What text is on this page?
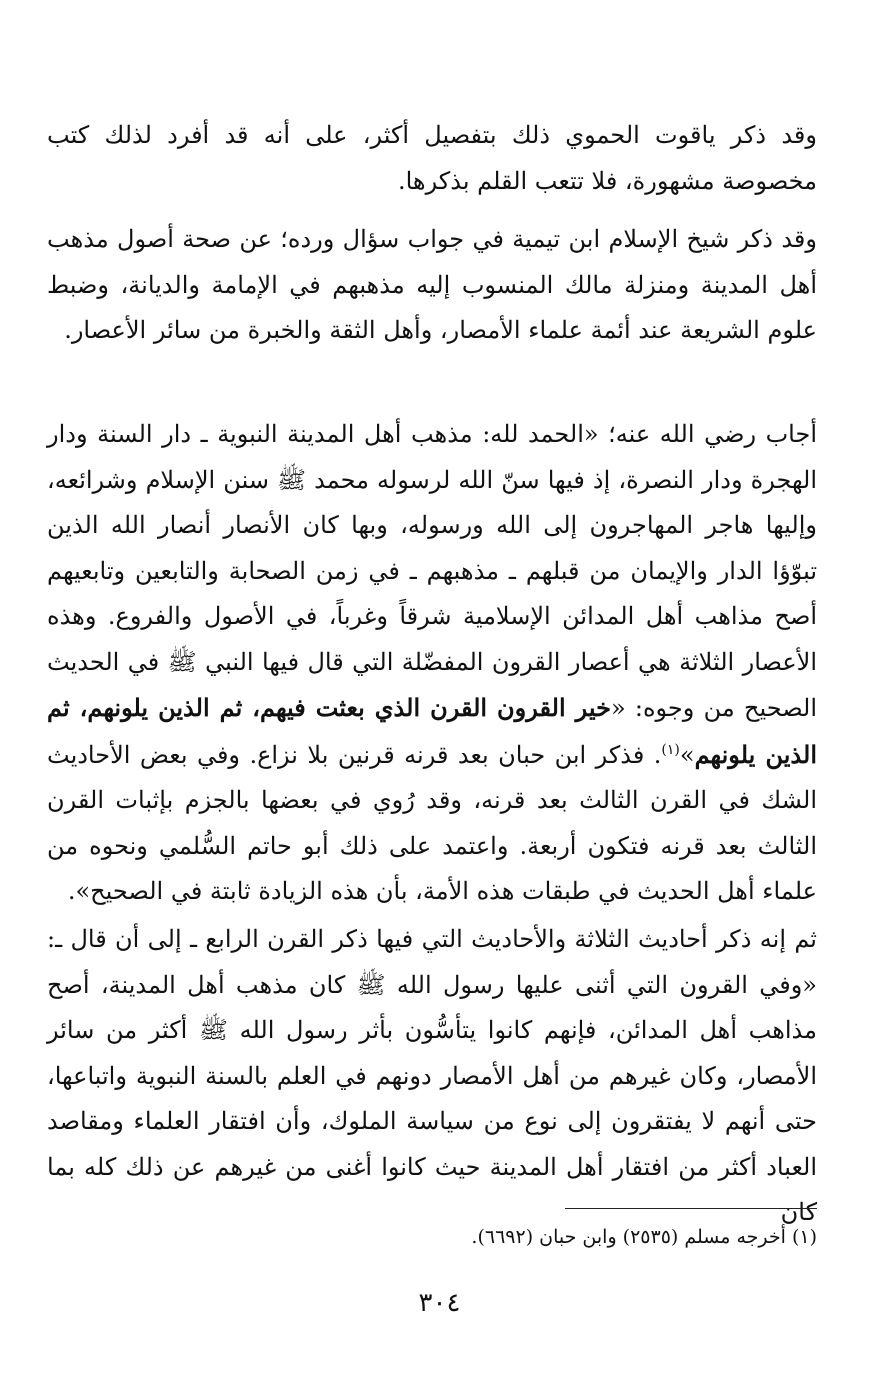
وقد ذكر ياقوت الحموي ذلك بتفصيل أكثر، على أنه قد أفرد لذلك كتب مخصوصة مشهورة، فلا تتعب القلم بذكرها.

وقد ذكر شيخ الإسلام ابن تيمية في جواب سؤال ورده؛ عن صحة أصول مذهب أهل المدينة ومنزلة مالك المنسوب إليه مذهبهم في الإمامة والديانة، وضبط علوم الشريعة عند أئمة علماء الأمصار، وأهل الثقة والخبرة من سائر الأعصار.

أجاب رضي الله عنه؛ «الحمد لله: مذهب أهل المدينة النبوية ـ دار السنة ودار الهجرة ودار النصرة، إذ فيها سنّ الله لرسوله محمد ﷺ سنن الإسلام وشرائعه، وإليها هاجر المهاجرون إلى الله ورسوله، وبها كان الأنصار أنصار الله الذين تبوّؤا الدار والإيمان من قبلهم ـ مذهبهم ـ في زمن الصحابة والتابعين وتابعيهم أصح مذاهب أهل المدائن الإسلامية شرقاً وغرباً، في الأصول والفروع. وهذه الأعصار الثلاثة هي أعصار القرون المفضّلة التي قال فيها النبي ﷺ في الحديث الصحيح من وجوه: «خير القرون القرن الذي بعثت فيهم، ثم الذين يلونهم، ثم الذين يلونهم»$^{(١)}$. فذكر ابن حبان بعد قرنه قرنين بلا نزاع. وفي بعض الأحاديث الشك في القرن الثالث بعد قرنه، وقد رُوي في بعضها بالجزم بإثبات القرن الثالث بعد قرنه فتكون أربعة. واعتمد على ذلك أبو حاتم السُّلمي ونحوه من علماء أهل الحديث في طبقات هذه الأمة، بأن هذه الزيادة ثابتة في الصحيح».

ثم إنه ذكر أحاديث الثلاثة والأحاديث التي فيها ذكر القرن الرابع ـ إلى أن قال ـ: «وفي القرون التي أثنى عليها رسول الله ﷺ كان مذهب أهل المدينة، أصح مذاهب أهل المدائن، فإنهم كانوا يتأسُّون بأثر رسول الله ﷺ أكثر من سائر الأمصار، وكان غيرهم من أهل الأمصار دونهم في العلم بالسنة النبوية واتباعها، حتى أنهم لا يفتقرون إلى نوع من سياسة الملوك، وأن افتقار العلماء ومقاصد العباد أكثر من افتقار أهل المدينة حيث كانوا أغنى من غيرهم عن ذلك كله بما كان

(١) أخرجه مسلم (٢٥٣٥) وابن حبان (٦٦٩٢).

٣٠٤
